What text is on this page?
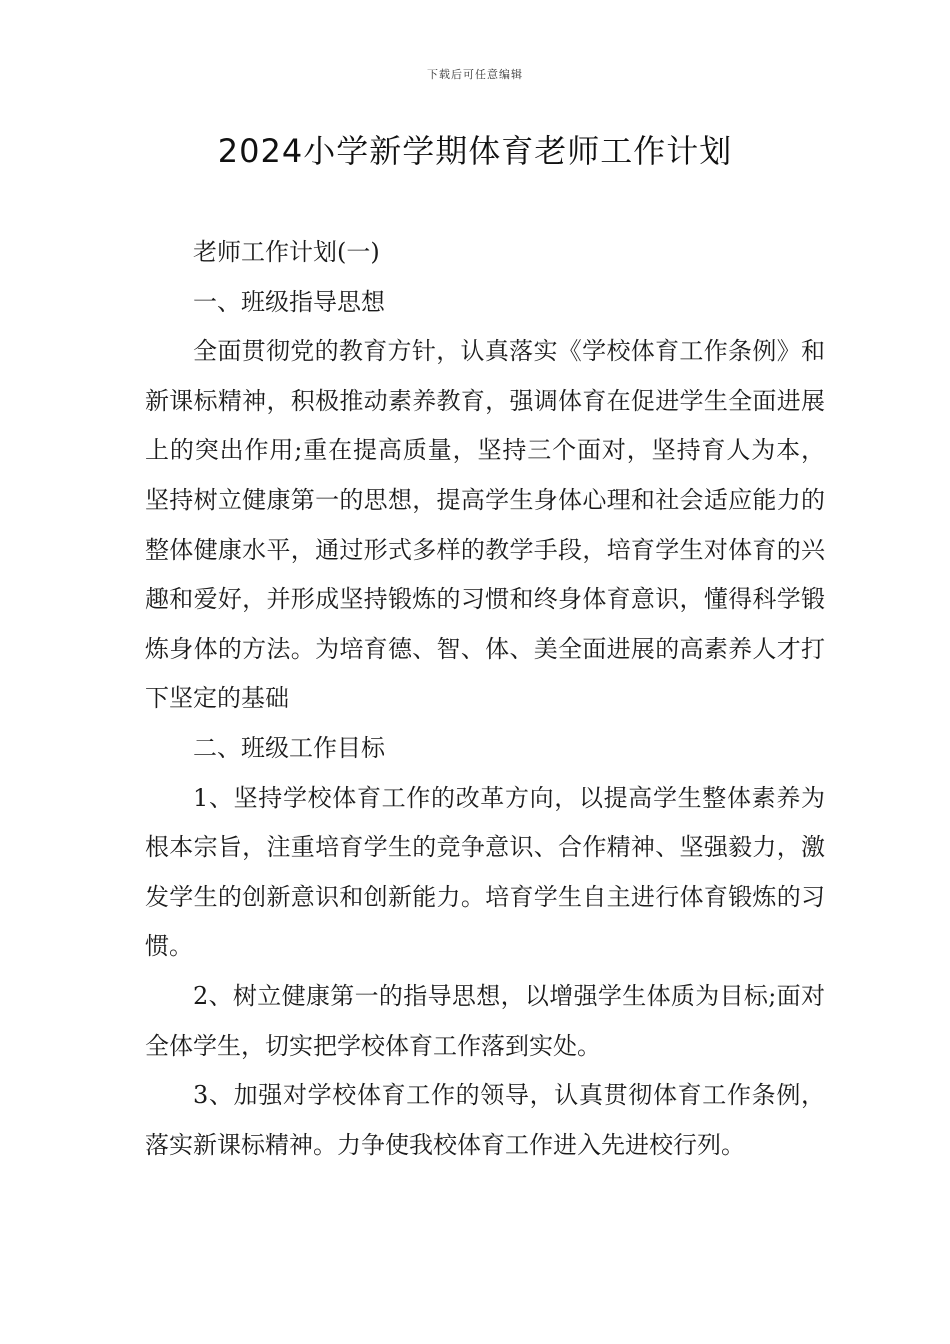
下载后可任意编辑
2024小学新学期体育老师工作计划

老师工作计划(一)

一、班级指导思想

全面贯彻党的教育方针，认真落实《学校体育工作条例》和新课标精神，积极推动素养教育，强调体育在促进学生全面进展上的突出作用;重在提高质量，坚持三个面对，坚持育人为本，坚持树立健康第一的思想，提高学生身体心理和社会适应能力的整体健康水平，通过形式多样的教学手段，培育学生对体育的兴趣和爱好，并形成坚持锻炼的习惯和终身体育意识，懂得科学锻炼身体的方法。为培育德、智、体、美全面进展的高素养人才打下坚定的基础

二、班级工作目标

1、坚持学校体育工作的改革方向，以提高学生整体素养为根本宗旨，注重培育学生的竞争意识、合作精神、坚强毅力，激发学生的创新意识和创新能力。培育学生自主进行体育锻炼的习惯。

2、树立健康第一的指导思想，以增强学生体质为目标;面对全体学生，切实把学校体育工作落到实处。

3、加强对学校体育工作的领导，认真贯彻体育工作条例，落实新课标精神。力争使我校体育工作进入先进校行列。
